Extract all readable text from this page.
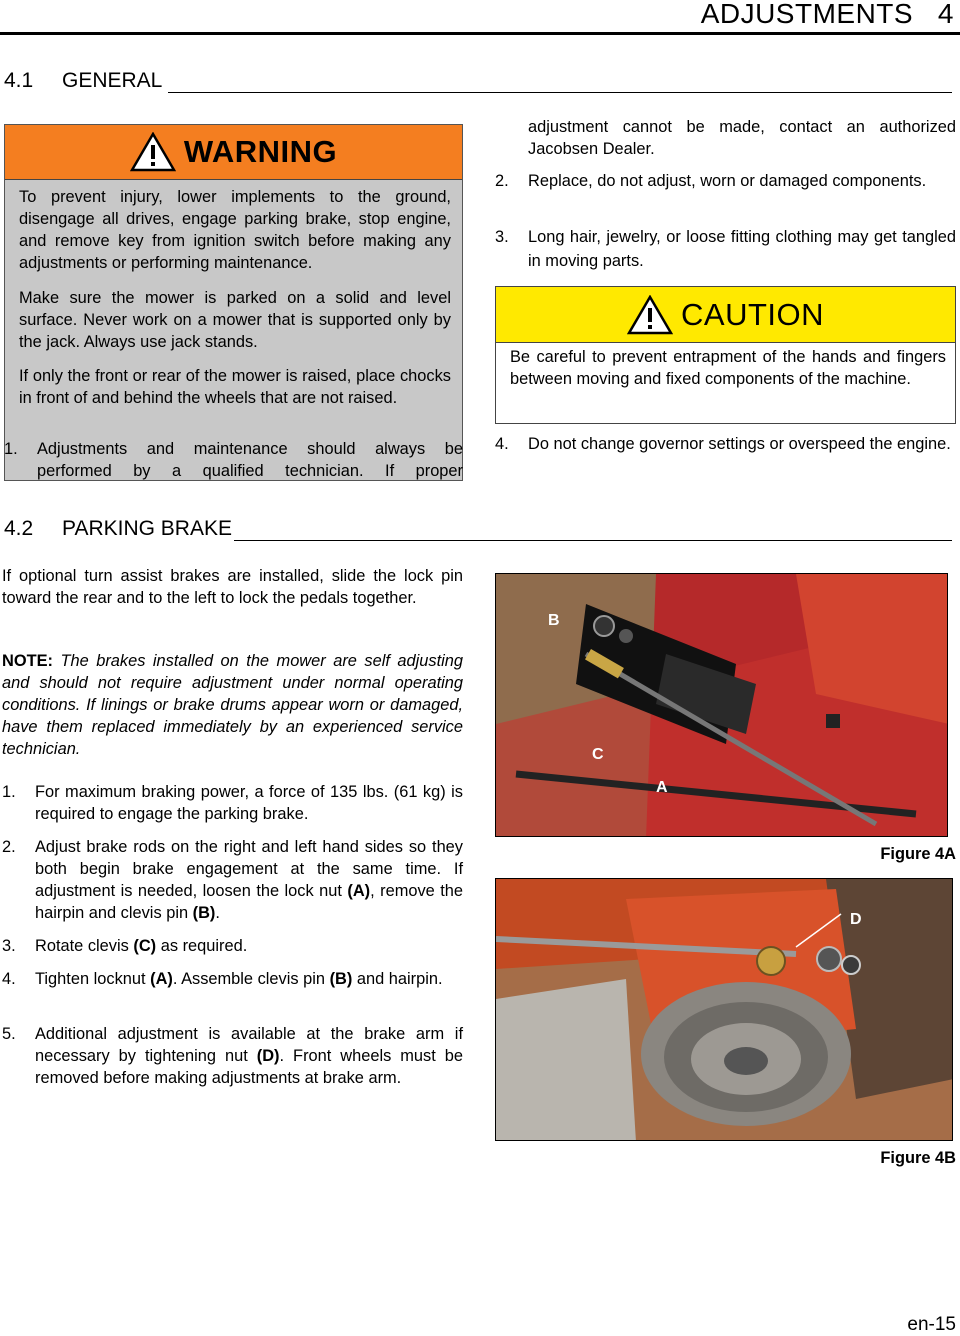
ADJUSTMENTS   4
4.1	GENERAL
WARNING
To prevent injury, lower implements to the ground, disengage all drives, engage parking brake, stop engine, and remove key from ignition switch before making any adjustments or performing maintenance.
Make sure the mower is parked on a solid and level surface. Never work on a mower that is supported only by the jack. Always use jack stands.
If only the front or rear of the mower is raised, place chocks in front of and behind the wheels that are not raised.
1.	Adjustments and maintenance should always be performed by a qualified technician. If proper
adjustment cannot be made, contact an authorized Jacobsen Dealer.
2.	Replace, do not adjust, worn or damaged components.
3.	Long hair, jewelry, or loose fitting clothing may get tangled in moving parts.
CAUTION
Be careful to prevent entrapment of the hands and fingers between moving and fixed components of the machine.
4.	Do not change governor settings or overspeed the engine.
4.2	PARKING BRAKE
If optional turn assist brakes are installed, slide the lock pin toward the rear and to the left to lock the pedals together.
NOTE: The brakes installed on the mower are self adjusting and should not require adjustment under normal operating conditions. If linings or brake drums appear worn or damaged, have them replaced immediately by an experienced service technician.
1.	For maximum braking power, a force of 135 lbs. (61 kg) is required to engage the parking brake.
2.	Adjust brake rods on the right and left hand sides so they both begin brake engagement at the same time. If adjustment is needed, loosen the lock nut (A), remove the hairpin and clevis pin (B).
3.	Rotate clevis (C) as required.
4.	Tighten locknut (A). Assemble clevis pin (B) and hairpin.
5.	Additional adjustment is available at the brake arm if necessary by tightening nut (D). Front wheels must be removed before making adjustments at brake arm.
B
C
A
Figure 4A
D
Figure 4B
en-15
